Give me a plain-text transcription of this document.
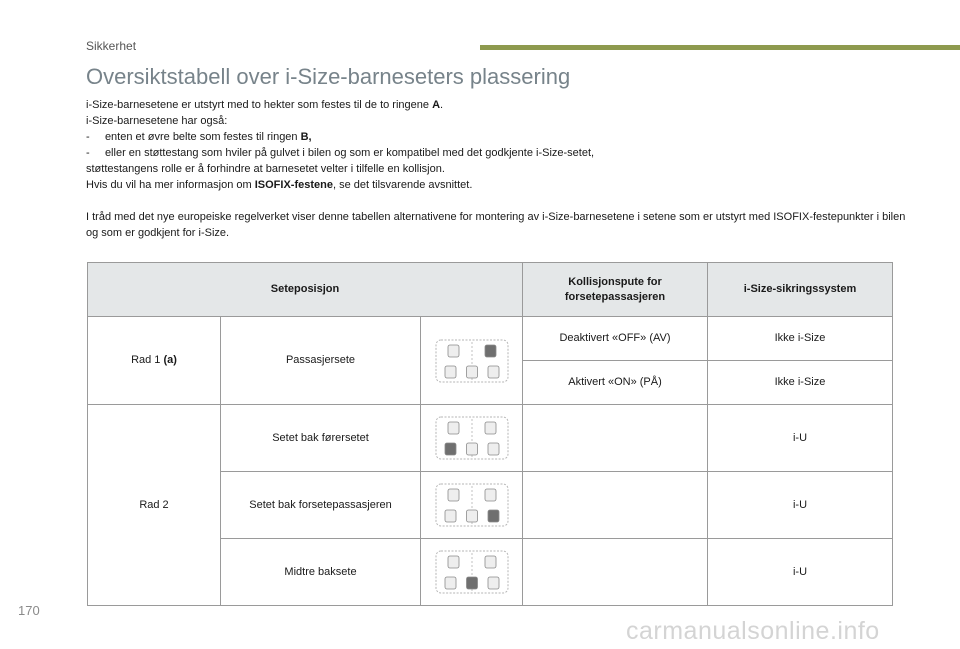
Sikkerhet
Oversiktstabell over i-Size-barneseters plassering

i-Size-barnesetene er utstyrt med to hekter som festes til de to ringene A.

i-Size-barnesetene har også:

-     enten et øvre belte som festes til ringen B,

-     eller en støttestang som hviler på gulvet i bilen og som er kompatibel med det godkjente i-Size-setet,

støttestangens rolle er å forhindre at barnesetet velter i tilfelle en kollisjon.

Hvis du vil ha mer informasjon om ISOFIX-festene, se det tilsvarende avsnittet.

I tråd med det nye europeiske regelverket viser denne tabellen alternativene for montering av i-Size-barnesetene i setene som er utstyrt med ISOFIX-festepunkter i bilen og som er godkjent for i-Size.

Seteposisjon			Kollisjonspute for
forsetepassasjeren	i-Size-sikringssystem
Rad 1 (a)	Passasjersete		Deaktivert «OFF» (AV)	Ikke i-Size
			Aktivert «ON» (PÅ)	Ikke i-Size
Rad 2	Setet bak førersetet			i-U
	Setet bak forsetepassasjeren			i-U
	Midtre baksete			i-U
170
carmanualsonline.info
